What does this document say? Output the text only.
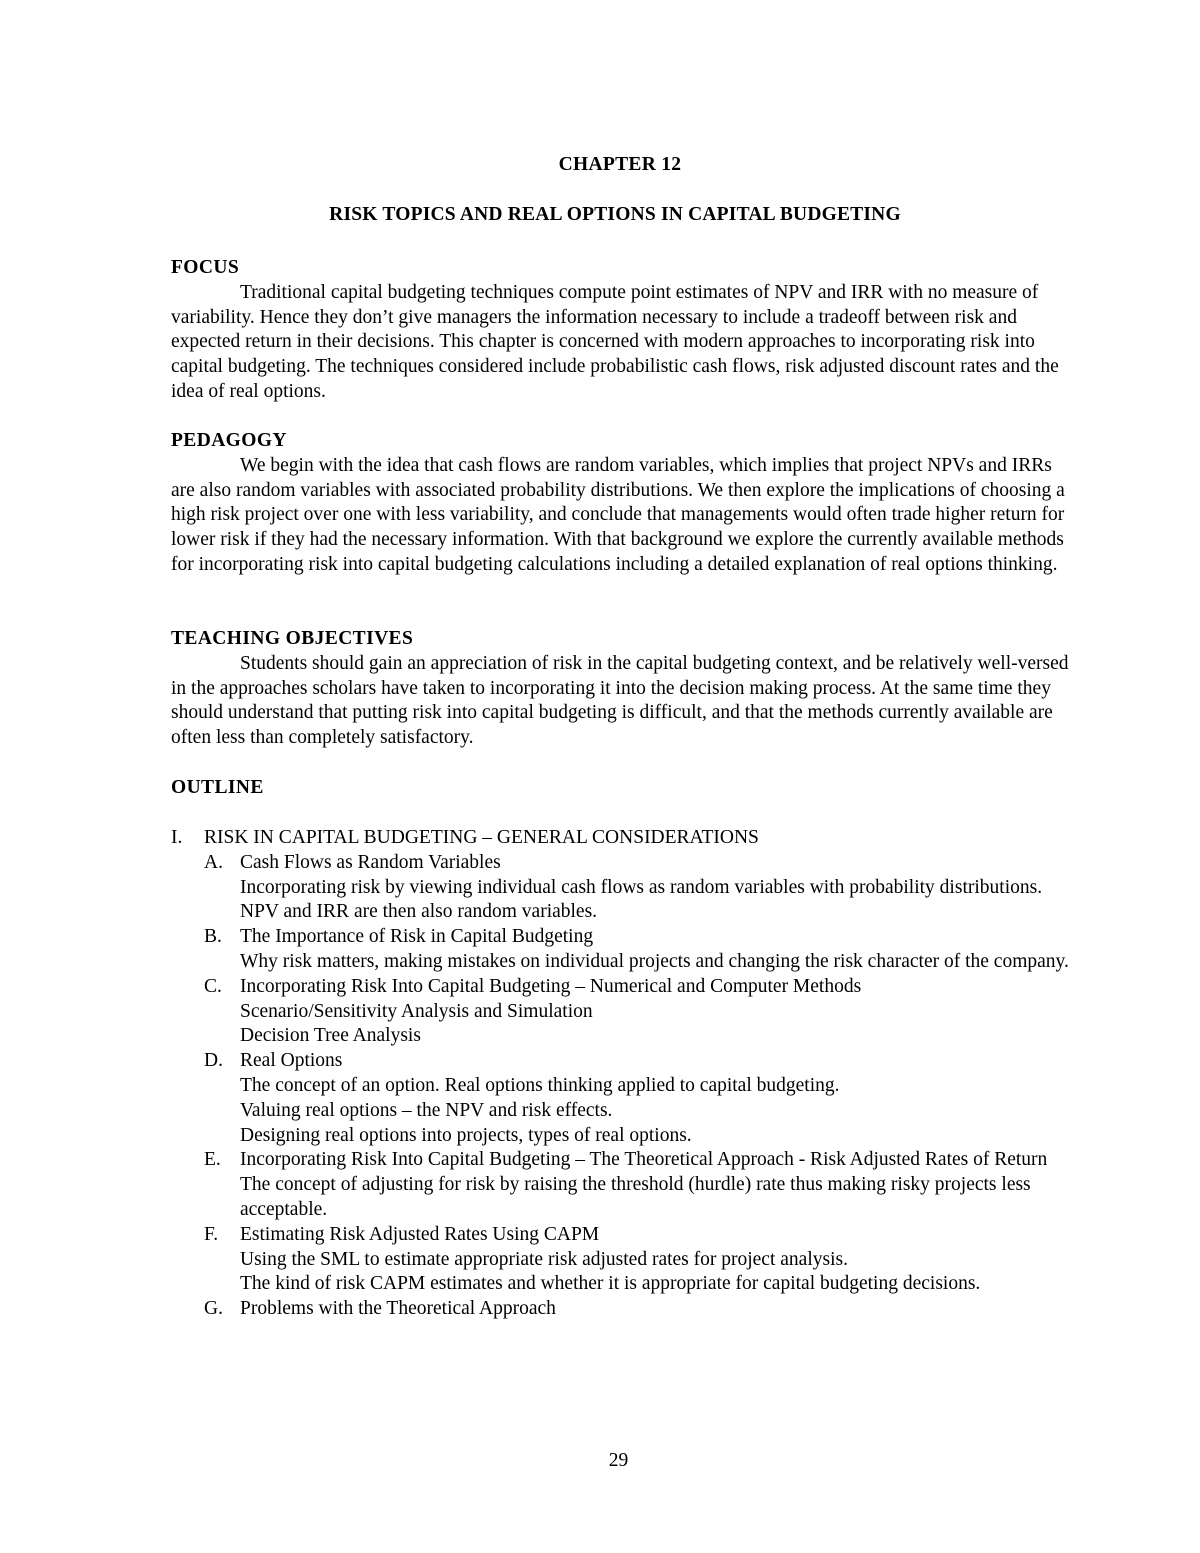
CHAPTER 12
RISK TOPICS AND REAL OPTIONS IN CAPITAL BUDGETING
FOCUS

Traditional capital budgeting techniques compute point estimates of NPV and IRR with no measure of variability. Hence they don’t give managers the information necessary to include a tradeoff between risk and expected return in their decisions. This chapter is concerned with modern approaches to incorporating risk into capital budgeting. The techniques considered include probabilistic cash flows, risk adjusted discount rates and the idea of real options.

PEDAGOGY

We begin with the idea that cash flows are random variables, which implies that project NPVs and IRRs are also random variables with associated probability distributions. We then explore the implications of choosing a high risk project over one with less variability, and conclude that managements would often trade higher return for lower risk if they had the necessary information. With that background we explore the currently available methods for incorporating risk into capital budgeting calculations including a detailed explanation of real options thinking.

TEACHING OBJECTIVES

Students should gain an appreciation of risk in the capital budgeting context, and be relatively well-versed in the approaches scholars have taken to incorporating it into the decision making process. At the same time they should understand that putting risk into capital budgeting is difficult, and that the methods currently available are often less than completely satisfactory.

OUTLINE
I. RISK IN CAPITAL BUDGETING – GENERAL CONSIDERATIONS
A. Cash Flows as Random Variables
Incorporating risk by viewing individual cash flows as random variables with probability distributions.
NPV and IRR are then also random variables.
B. The Importance of Risk in Capital Budgeting
Why risk matters, making mistakes on individual projects and changing the risk character of the company.
C. Incorporating Risk Into Capital Budgeting – Numerical and Computer Methods
Scenario/Sensitivity Analysis and Simulation
Decision Tree Analysis
D. Real Options
The concept of an option. Real options thinking applied to capital budgeting.
Valuing real options – the NPV and risk effects.
Designing real options into projects, types of real options.
E. Incorporating Risk Into Capital Budgeting – The Theoretical Approach - Risk Adjusted Rates of Return
The concept of adjusting for risk by raising the threshold (hurdle) rate thus making risky projects less acceptable.
F. Estimating Risk Adjusted Rates Using CAPM
Using the SML to estimate appropriate risk adjusted rates for project analysis.
The kind of risk CAPM estimates and whether it is appropriate for capital budgeting decisions.
G. Problems with the Theoretical Approach
29
